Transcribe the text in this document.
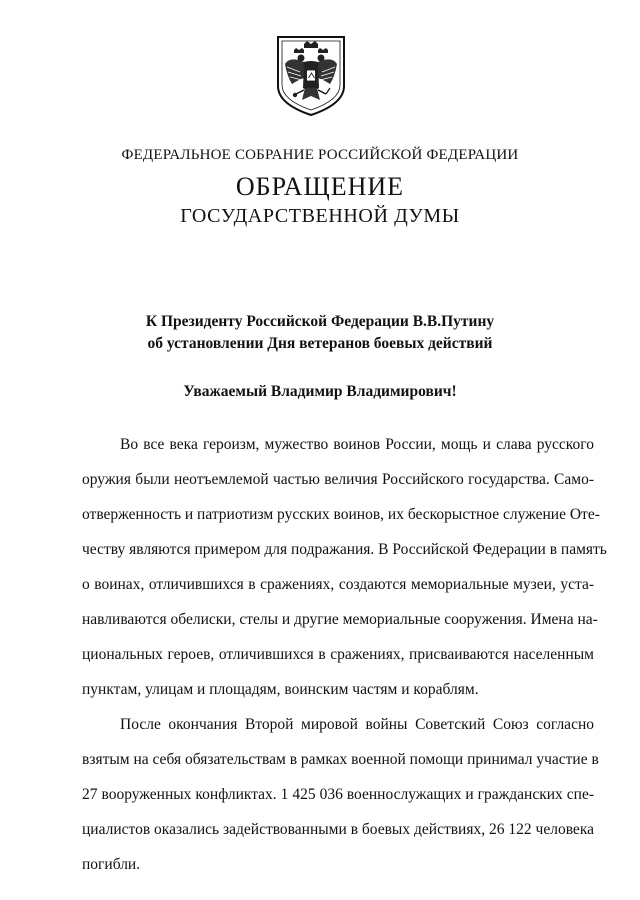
ФЕДЕРАЛЬНОЕ СОБРАНИЕ РОССИЙСКОЙ ФЕДЕРАЦИИ
ОБРАЩЕНИЕ
ГОСУДАРСТВЕННОЙ ДУМЫ
К Президенту Российской Федерации В.В.Путину
об установлении Дня ветеранов боевых действий
Уважаемый Владимир Владимирович!
Во все века героизм, мужество воинов России, мощь и слава русского
оружия были неотъемлемой частью величия Российского государства. Само-
отверженность и патриотизм русских воинов, их бескорыстное служение Оте-
честву являются примером для подражания. В Российской Федерации в память
о воинах, отличившихся в сражениях, создаются мемориальные музеи, уста-
навливаются обелиски, стелы и другие мемориальные сооружения. Имена на-
циональных героев, отличившихся в сражениях, присваиваются населенным
пунктам, улицам и площадям, воинским частям и кораблям.
После окончания Второй мировой войны Советский Союз согласно
взятым на себя обязательствам в рамках военной помощи принимал участие в
27 вооруженных конфликтах. 1 425 036 военнослужащих и гражданских спе-
циалистов оказались задействованными в боевых действиях, 26 122 человека
погибли.
